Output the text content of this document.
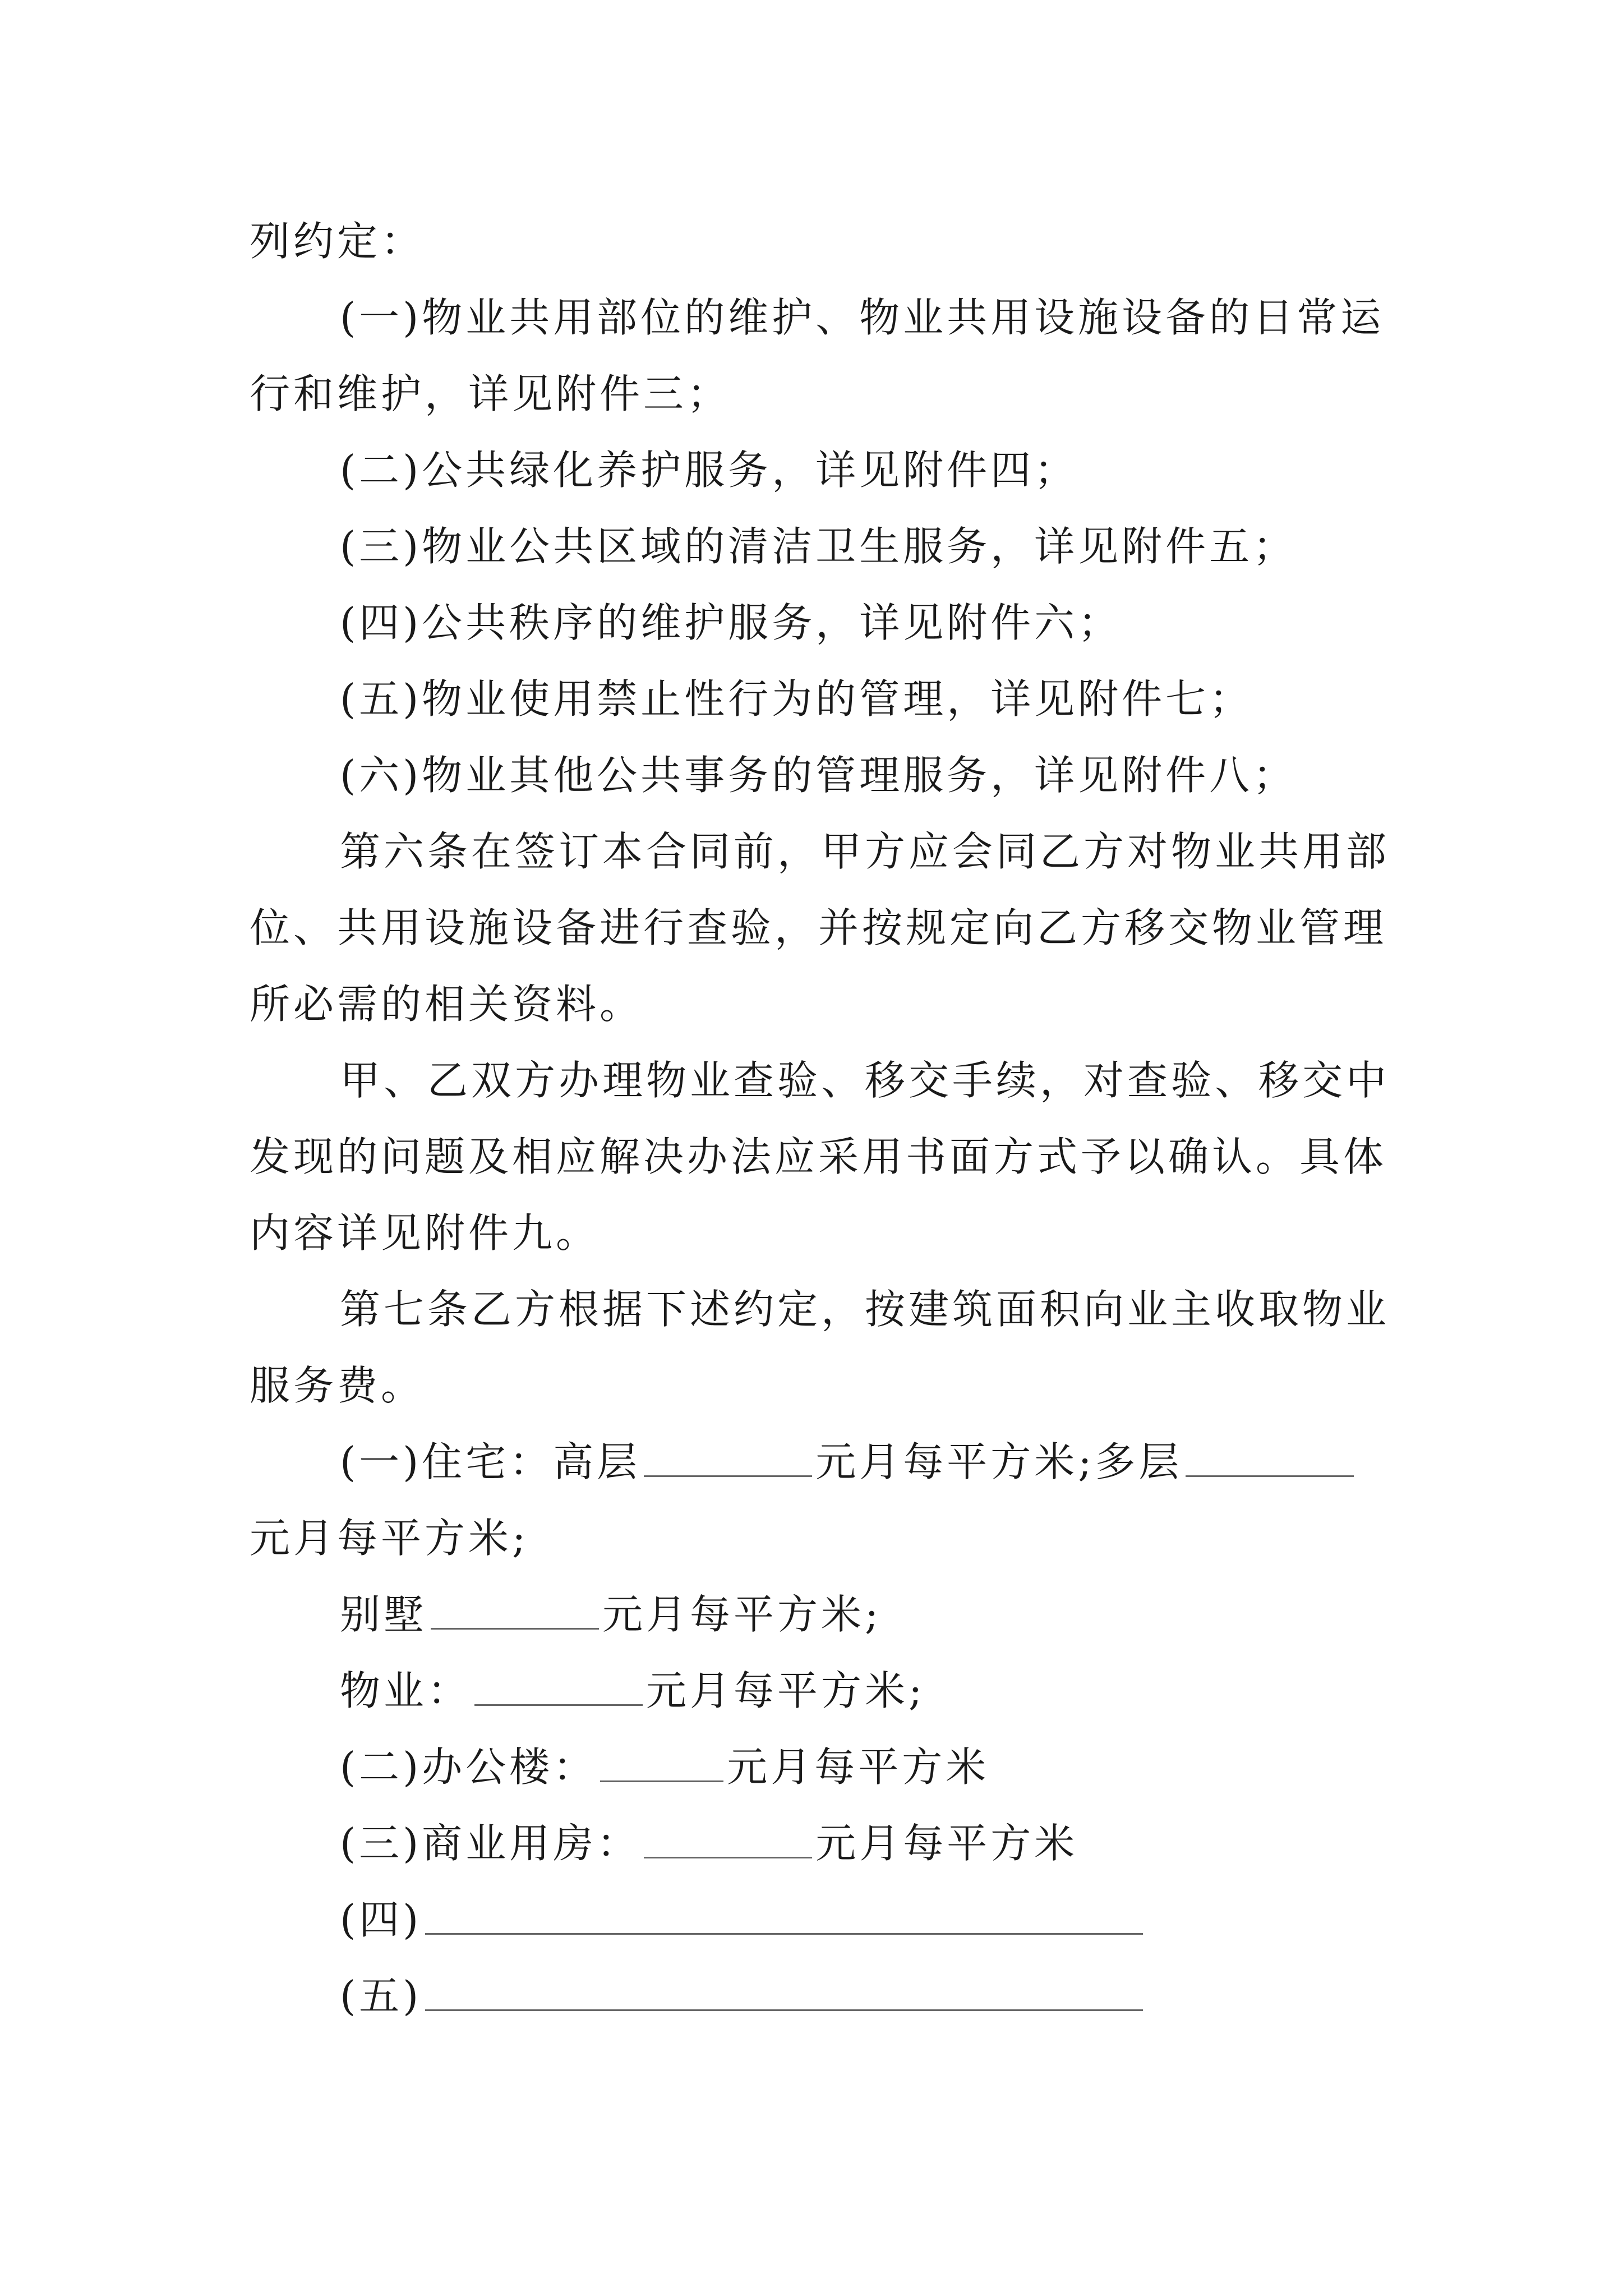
列约定：
(一)物业共用部位的维护、物业共用设施设备的日常运
行和维护，详见附件三；
(二)公共绿化养护服务，详见附件四；
(三)物业公共区域的清洁卫生服务，详见附件五；
(四)公共秩序的维护服务，详见附件六；
(五)物业使用禁止性行为的管理，详见附件七；
(六)物业其他公共事务的管理服务，详见附件八；
第六条在签订本合同前，甲方应会同乙方对物业共用部
位、共用设施设备进行查验，并按规定向乙方移交物业管理
所必需的相关资料。
甲、乙双方办理物业查验、移交手续，对查验、移交中
发现的问题及相应解决办法应采用书面方式予以确认。具体
内容详见附件九。
第七条乙方根据下述约定，按建筑面积向业主收取物业
服务费。
(一)住宅：高层	元月每平方米;多层
元月每平方米;
别墅	元月每平方米;
物业：	元月每平方米;
(二)办公楼：	元月每平方米
(三)商业用房：	元月每平方米
(四)
(五)
